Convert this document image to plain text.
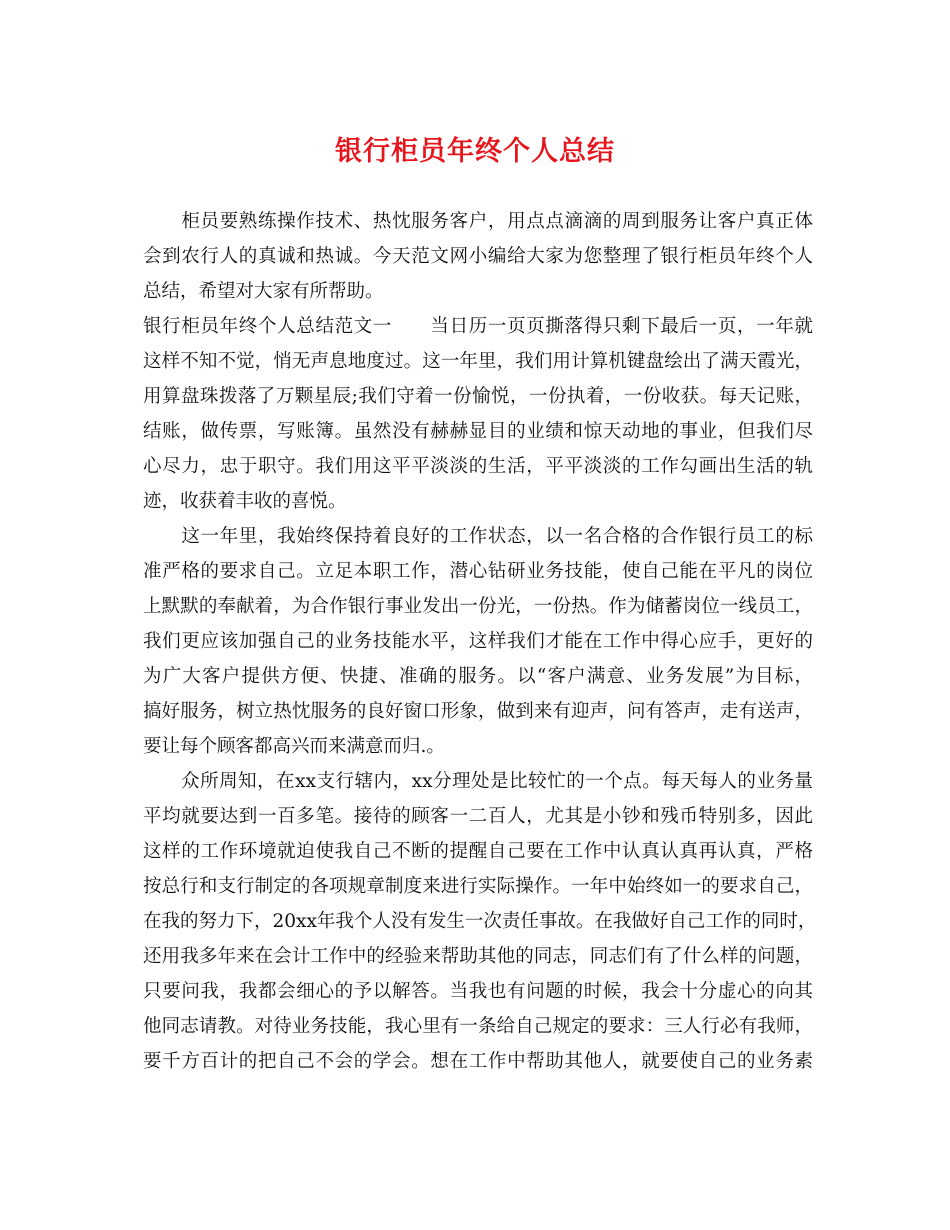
银行柜员年终个人总结
　　柜员要熟练操作技术、热忱服务客户，用点点滴滴的周到服务让客户真正体
会到农行人的真诚和热诚。今天范文网小编给大家为您整理了银行柜员年终个人
总结，希望对大家有所帮助。
银行柜员年终个人总结范文一　　当日历一页页撕落得只剩下最后一页，一年就
这样不知不觉，悄无声息地度过。这一年里，我们用计算机键盘绘出了满天霞光，
用算盘珠拨落了万颗星辰;我们守着一份愉悦，一份执着，一份收获。每天记账，
结账，做传票，写账簿。虽然没有赫赫显目的业绩和惊天动地的事业，但我们尽
心尽力，忠于职守。我们用这平平淡淡的生活，平平淡淡的工作勾画出生活的轨
迹，收获着丰收的喜悦。
　　这一年里，我始终保持着良好的工作状态，以一名合格的合作银行员工的标
准严格的要求自己。立足本职工作，潜心钻研业务技能，使自己能在平凡的岗位
上默默的奉献着，为合作银行事业发出一份光，一份热。作为储蓄岗位一线员工，
我们更应该加强自己的业务技能水平，这样我们才能在工作中得心应手，更好的
为广大客户提供方便、快捷、准确的服务。以“客户满意、业务发展”为目标，
搞好服务，树立热忱服务的良好窗口形象，做到来有迎声，问有答声，走有送声，
要让每个顾客都高兴而来满意而归.。
　　众所周知，在xx支行辖内，xx分理处是比较忙的一个点。每天每人的业务量
平均就要达到一百多笔。接待的顾客一二百人，尤其是小钞和残币特别多，因此
这样的工作环境就迫使我自己不断的提醒自己要在工作中认真认真再认真，严格
按总行和支行制定的各项规章制度来进行实际操作。一年中始终如一的要求自己，
在我的努力下，20xx年我个人没有发生一次责任事故。在我做好自己工作的同时，
还用我多年来在会计工作中的经验来帮助其他的同志，同志们有了什么样的问题，
只要问我，我都会细心的予以解答。当我也有问题的时候，我会十分虚心的向其
他同志请教。对待业务技能，我心里有一条给自己规定的要求：三人行必有我师，
要千方百计的把自己不会的学会。想在工作中帮助其他人，就要使自己的业务素
